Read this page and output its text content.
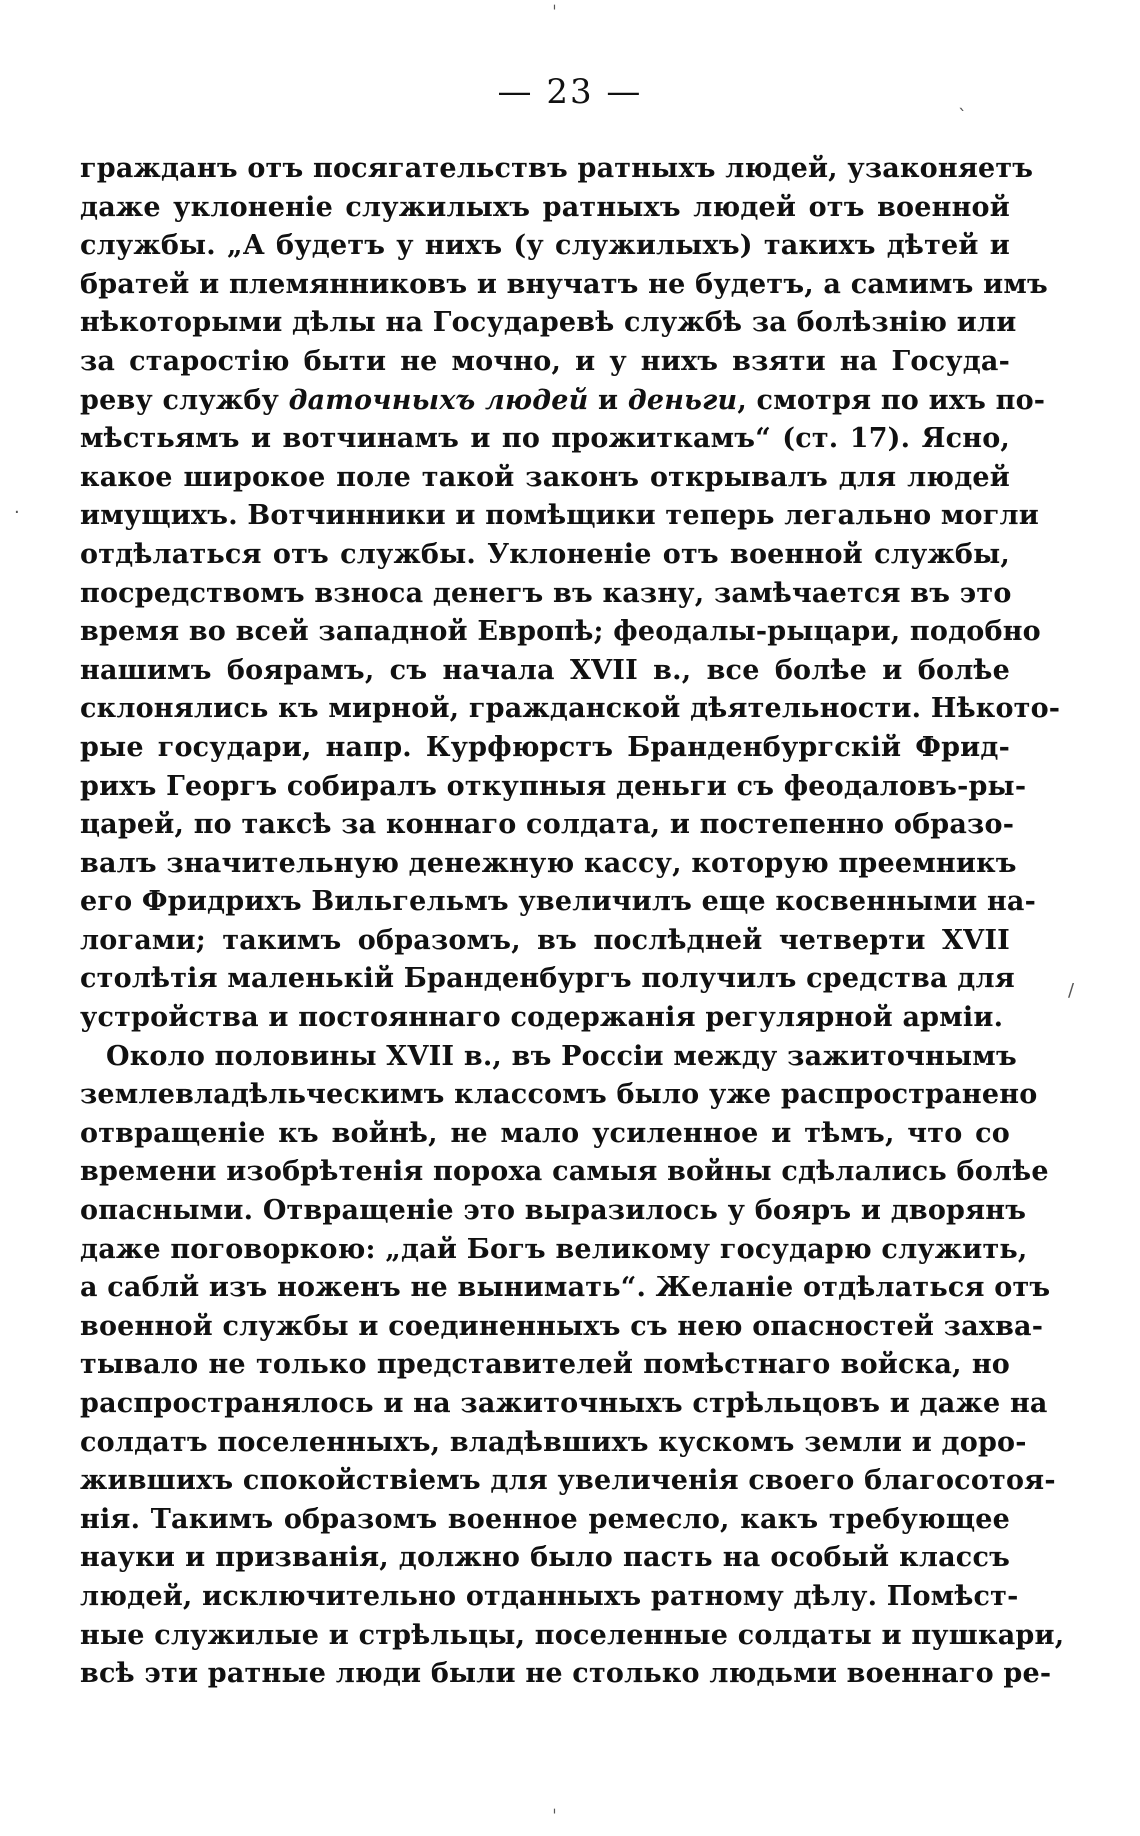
— 23 —
гражданъ отъ посягательствъ ратныхъ людей, узаконяетъ
даже уклоненіе служилыхъ ратныхъ людей отъ военной
службы. „А будетъ у нихъ (у служилыхъ) такихъ дѣтей и
братей и племянниковъ и внучатъ не будетъ, а самимъ имъ
нѣкоторыми дѣлы на Государевѣ службѣ за болѣзнію или
за старостію быти не мочно, и у нихъ взяти на Госуда-
реву службу даточныхъ людей и деньги, смотря по ихъ по-
мѣстьямъ и вотчинамъ и по прожиткамъ“ (ст. 17). Ясно,
какое широкое поле такой законъ открывалъ для людей
имущихъ. Вотчинники и помѣщики теперь легально могли
отдѣлаться отъ службы. Уклоненіе отъ военной службы,
посредствомъ взноса денегъ въ казну, замѣчается въ это
время во всей западной Европѣ; феодалы-рыцари, подобно
нашимъ боярамъ, съ начала XVII в., все болѣе и болѣе
склонялись къ мирной, гражданской дѣятельности. Нѣкото-
рые государи, напр. Курфюрстъ Бранденбургскій Фрид-
рихъ Георгъ собиралъ откупныя деньги съ феодаловъ-ры-
царей, по таксѣ за коннаго солдата, и постепенно образо-
валъ значительную денежную кассу, которую преемникъ
его Фридрихъ Вильгельмъ увеличилъ еще косвенными на-
логами; такимъ образомъ, въ послѣдней четверти XVII
столѣтія маленькій Бранденбургъ получилъ средства для
устройства и постояннаго содержанія регулярной арміи.
Около половины XVII в., въ Россіи между зажиточнымъ
землевладѣльческимъ классомъ было уже распространено
отвращеніе къ войнѣ, не мало усиленное и тѣмъ, что со
времени изобрѣтенія пороха самыя войны сдѣлались болѣе
опасными. Отвращеніе это выразилось у бояръ и дворянъ
даже поговоркою: „дай Богъ великому государю служить,
а саблй изъ ноженъ не вынимать“. Желаніе отдѣлаться отъ
военной службы и соединенныхъ съ нею опасностей захва-
тывало не только представителей помѣстнаго войска, но
распространялось и на зажиточныхъ стрѣльцовъ и даже на
солдатъ поселенныхъ, владѣвшихъ кускомъ земли и доро-
жившихъ спокойствіемъ для увеличенія своего благосотоя-
нія. Такимъ образомъ военное ремесло, какъ требующее
науки и призванія, должно было пасть на особый классъ
людей, исключительно отданныхъ ратному дѣлу. Помѣст-
ные служилые и стрѣльцы, поселенные солдаты и пушкари,
всѣ эти ратные люди были не столько людьми военнаго ре-
ˈ
ˋ
·
/
ˈ
